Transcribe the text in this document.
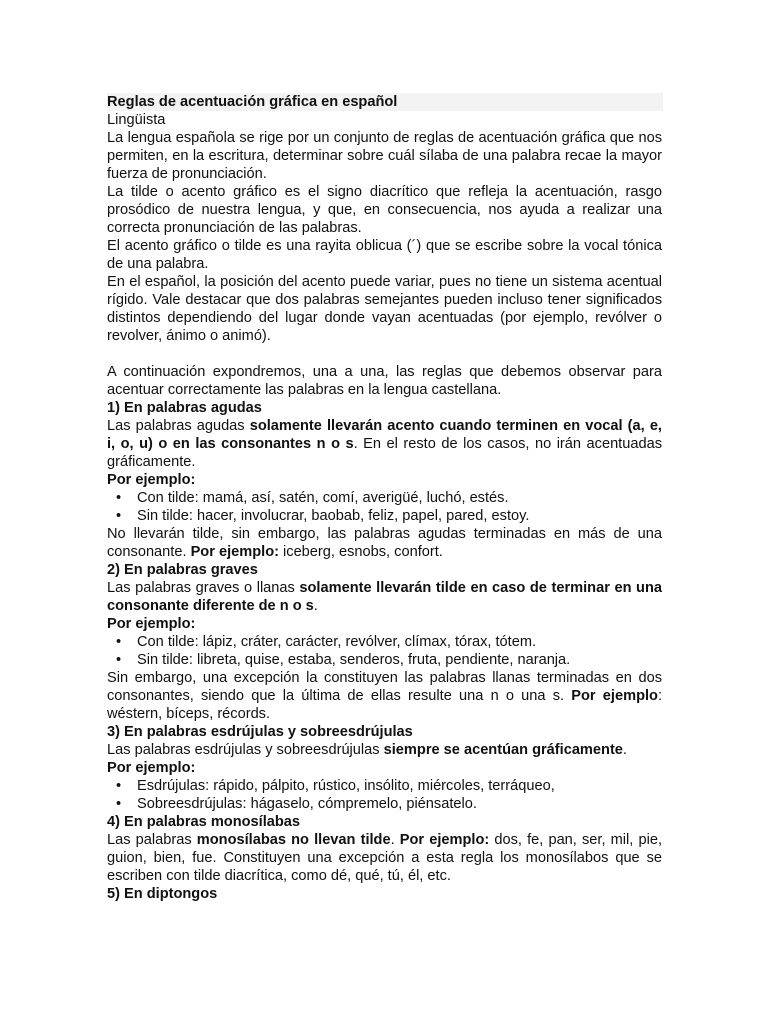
Reglas de acentuación gráfica en español

Lingüista

La lengua española se rige por un conjunto de reglas de acentuación gráfica que nos permiten, en la escritura, determinar sobre cuál sílaba de una palabra recae la mayor fuerza de pronunciación.

La tilde o acento gráfico es el signo diacrítico que refleja la acentuación, rasgo prosódico de nuestra lengua, y que, en consecuencia, nos ayuda a realizar una correcta pronunciación de las palabras.

El acento gráfico o tilde es una rayita oblicua (´) que se escribe sobre la vocal tónica de una palabra.

En el español, la posición del acento puede variar, pues no tiene un sistema acentual rígido. Vale destacar que dos palabras semejantes pueden incluso tener significados distintos dependiendo del lugar donde vayan acentuadas (por ejemplo, revólver o revolver, ánimo o animó).

A continuación expondremos, una a una, las reglas que debemos observar para acentuar correctamente las palabras en la lengua castellana.

1) En palabras agudas

Las palabras agudas solamente llevarán acento cuando terminen en vocal (a, e, i, o, u) o en las consonantes n o s. En el resto de los casos, no irán acentuadas gráficamente.

Por ejemplo:

• Con tilde: mamá, así, satén, comí, averigüé, luchó, estés.
• Sin tilde: hacer, involucrar, baobab, feliz, papel, pared, estoy.

No llevarán tilde, sin embargo, las palabras agudas terminadas en más de una consonante. Por ejemplo: iceberg, esnobs, confort.

2) En palabras graves

Las palabras graves o llanas solamente llevarán tilde en caso de terminar en una consonante diferente de n o s.

Por ejemplo:

• Con tilde: lápiz, cráter, carácter, revólver, clímax, tórax, tótem.
• Sin tilde: libreta, quise, estaba, senderos, fruta, pendiente, naranja.

Sin embargo, una excepción la constituyen las palabras llanas terminadas en dos consonantes, siendo que la última de ellas resulte una n o una s. Por ejemplo: wéstern, bíceps, récords.

3) En palabras esdrújulas y sobreesdrújulas

Las palabras esdrújulas y sobreesdrújulas siempre se acentúan gráficamente.

Por ejemplo:

• Esdrújulas: rápido, pálpito, rústico, insólito, miércoles, terráqueo,
• Sobreesdrújulas: hágaselo, cómpremelo, piénsatelo.

4) En palabras monosílabas

Las palabras monosílabas no llevan tilde. Por ejemplo: dos, fe, pan, ser, mil, pie, guion, bien, fue. Constituyen una excepción a esta regla los monosílabos que se escriben con tilde diacrítica, como dé, qué, tú, él, etc.

5) En diptongos
